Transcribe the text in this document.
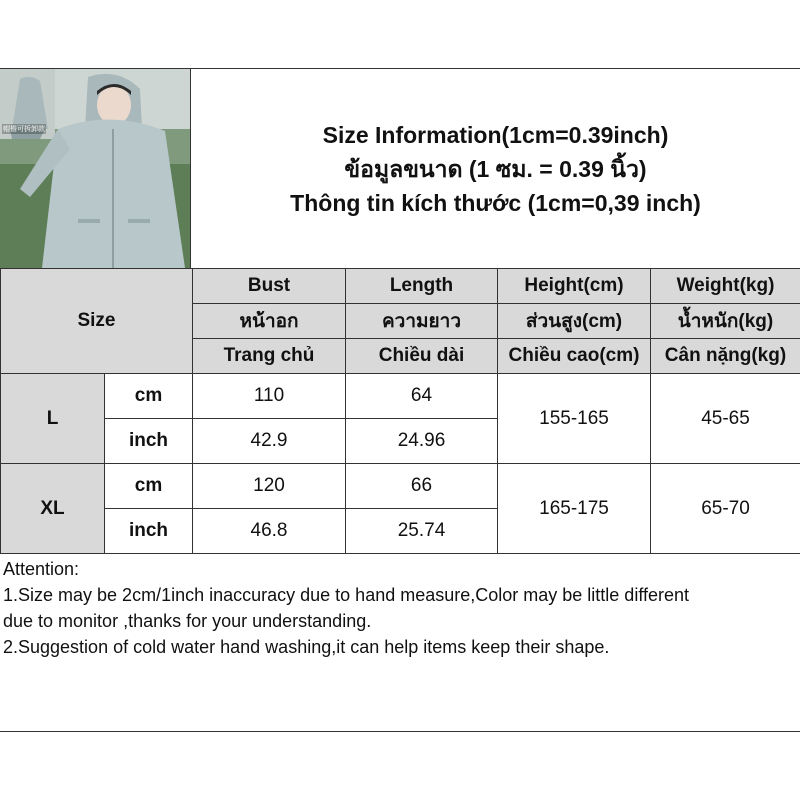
帽檐可拆卸款	Size Information(1cm=0.39inch)
ข้อมูลขนาด (1 ซม. = 0.39 นิ้ว)
Thông tin kích thước (1cm=0,39 inch)
Size		Bust	Length	Height(cm)	Weight(kg)
		หน้าอก	ความยาว	ส่วนสูง(cm)	น้ำหนัก(kg)
		Trang chủ	Chiều dài	Chiều cao(cm)	Cân nặng(kg)
L	cm	110	64	155-165	45-65
	inch	42.9	24.96		
XL	cm	120	66	165-175	65-70
	inch	46.8	25.74		
Attention:
1.Size may be 2cm/1inch inaccuracy due to hand measure,Color may be little different
due to monitor ,thanks for your understanding.
2.Suggestion of cold water hand washing,it can help items keep their shape.
